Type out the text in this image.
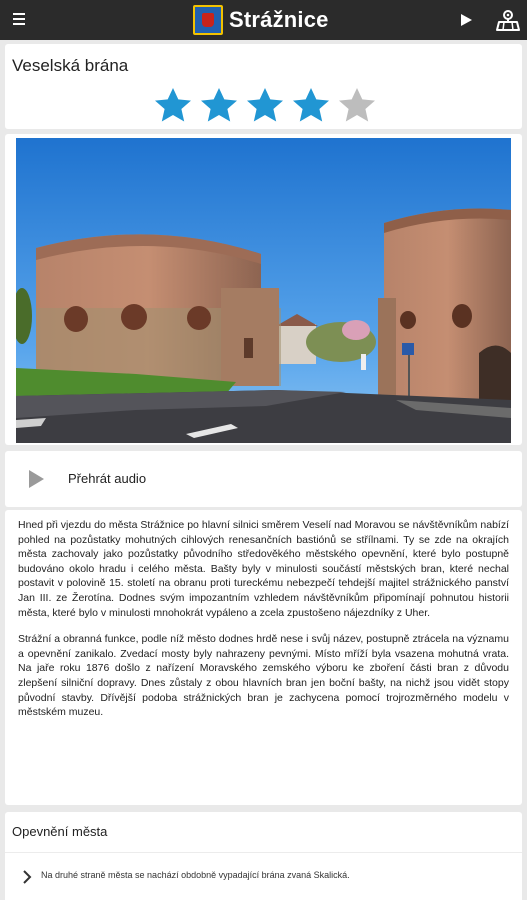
Strážnice
Veselská brána
Přehrát audio

Hned při vjezdu do města Strážnice po hlavní silnici směrem Veselí nad Moravou se návštěvníkům nabízí pohled na pozůstatky mohutných cihlových renesančních bastiónů se střílnami. Ty se zde na okrajích města zachovaly jako pozůstatky původního středověkého městského opevnění, které bylo postupně budováno okolo hradu i celého města. Bašty byly v minulosti součástí městských bran, které nechal postavit v polovině 15. století na obranu proti tureckému nebezpečí tehdejší majitel strážnického panství Jan III. ze Žerotína. Dodnes svým impozantním vzhledem návštěvníkům připomínají pohnutou historii města, které bylo v minulosti mnohokrát vypáleno a zcela zpustošeno nájezdníky z Uher.

Strážní a obranná funkce, podle níž město dodnes hrdě nese i svůj název, postupně ztrácela na významu a opevnění zanikalo. Zvedací mosty byly nahrazeny pevnými. Místo mříží byla vsazena mohutná vrata. Na jaře roku 1876 došlo z nařízení Moravského zemského výboru ke zboření části bran z důvodu zlepšení silniční dopravy. Dnes zůstaly z obou hlavních bran jen boční bašty, na nichž jsou vidět stopy původní stavby. Dřívější podoba strážnických bran je zachycena pomocí trojrozměrného modelu v městském muzeu.

Opevnění města
Na druhé straně města se nachází obdobně vypadající brána zvaná Skalická.
